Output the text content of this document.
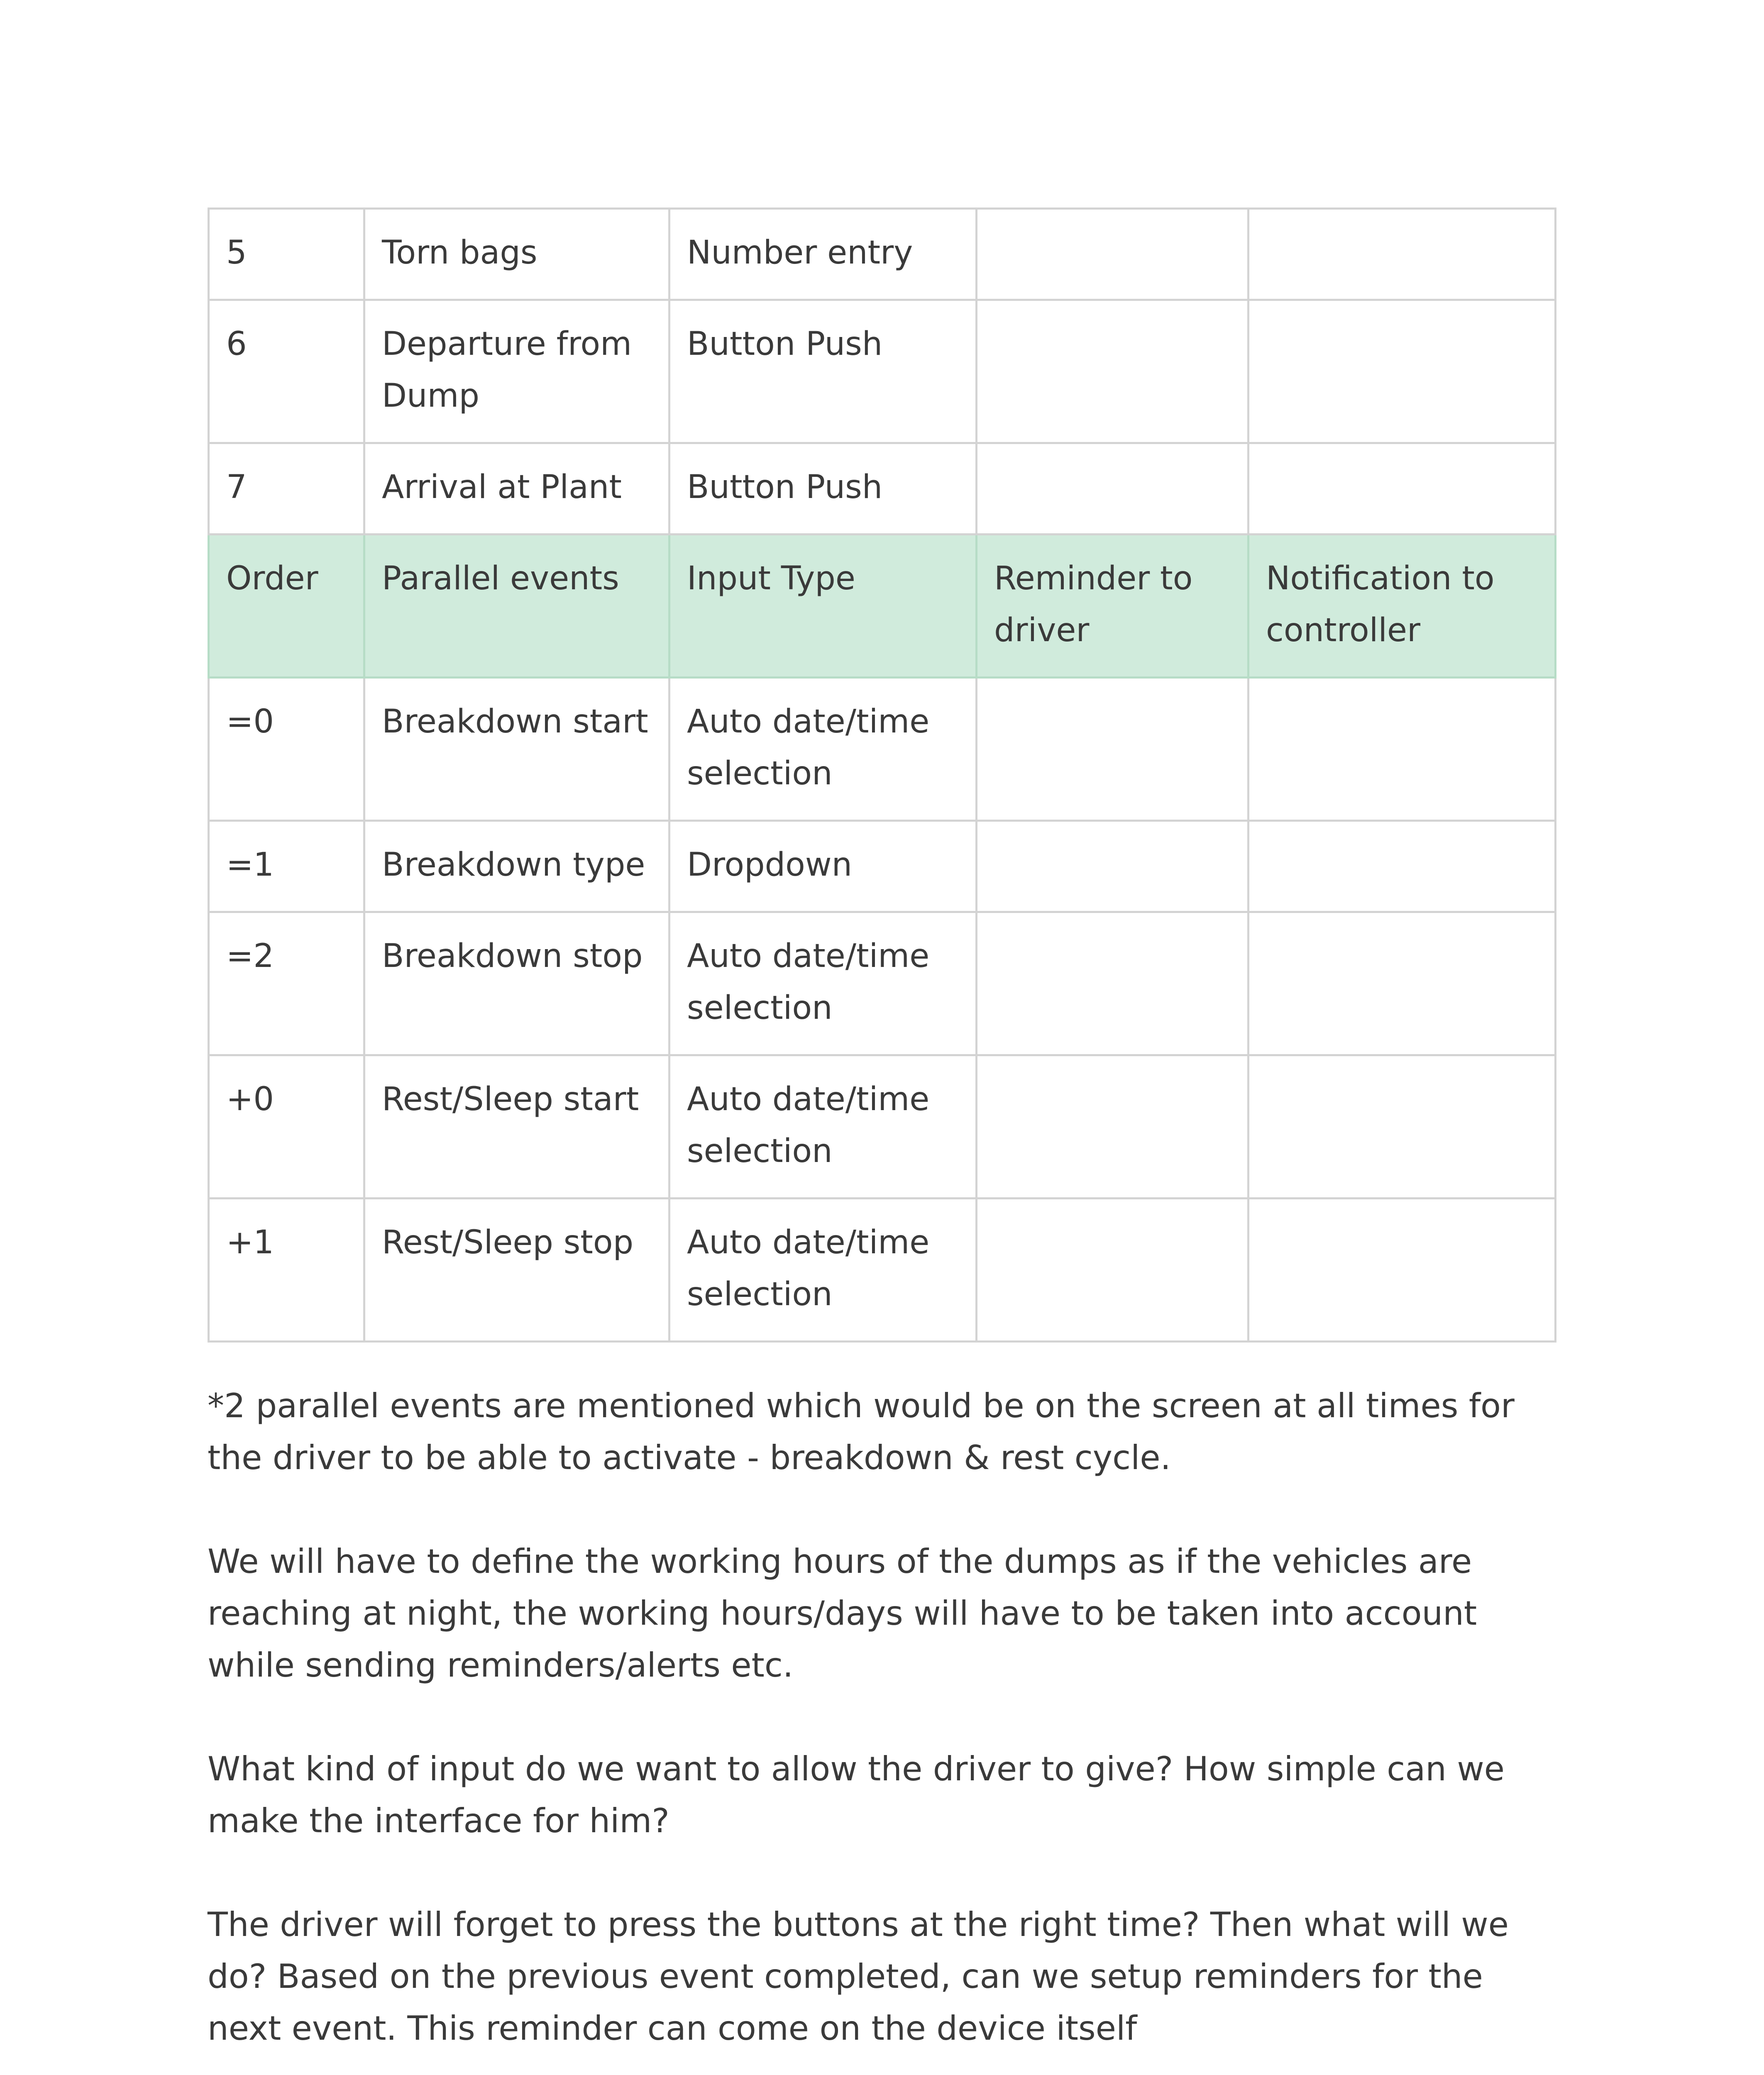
5	Torn bags	Number entry		
6	Departure from Dump	Button Push		
7	Arrival at Plant	Button Push		
Order	Parallel events	Input Type	Reminder to driver	Notification to controller
=0	Breakdown start	Auto date/time selection		
=1	Breakdown type	Dropdown		
=2	Breakdown stop	Auto date/time selection		
+0	Rest/Sleep start	Auto date/time selection		
+1	Rest/Sleep stop	Auto date/time selection		

*2 parallel events are mentioned which would be on the screen at all times for the driver to be able to activate - breakdown & rest cycle.

We will have to define the working hours of the dumps as if the vehicles are reaching at night, the working hours/days will have to be taken into account while sending reminders/alerts etc.

What kind of input do we want to allow the driver to give? How simple can we make the interface for him?

The driver will forget to press the buttons at the right time? Then what will we do? Based on the previous event completed, can we setup reminders for the next event. This reminder can come on the device itself
